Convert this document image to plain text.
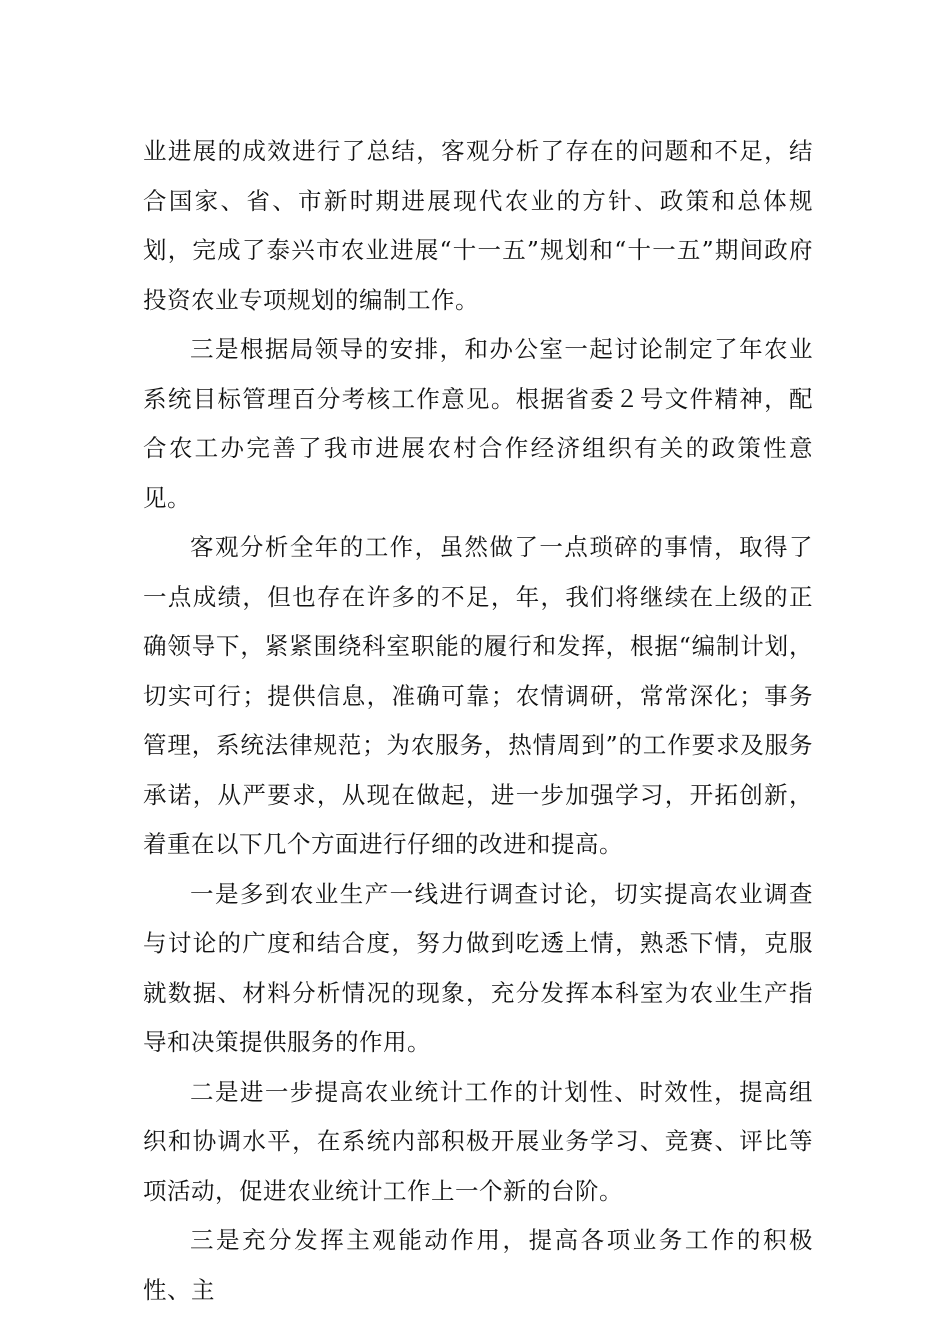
业进展的成效进行了总结，客观分析了存在的问题和不足，结合国家、省、市新时期进展现代农业的方针、政策和总体规划，完成了泰兴市农业进展“十一五”规划和“十一五”期间政府投资农业专项规划的编制工作。

三是根据局领导的安排，和办公室一起讨论制定了年农业系统目标管理百分考核工作意见。根据省委２号文件精神，配合农工办完善了我市进展农村合作经济组织有关的政策性意见。

客观分析全年的工作，虽然做了一点琐碎的事情，取得了一点成绩，但也存在许多的不足，年，我们将继续在上级的正确领导下，紧紧围绕科室职能的履行和发挥，根据“编制计划，切实可行；提供信息，准确可靠；农情调研，常常深化；事务管理，系统法律规范；为农服务，热情周到”的工作要求及服务承诺，从严要求，从现在做起，进一步加强学习，开拓创新，着重在以下几个方面进行仔细的改进和提高。

一是多到农业生产一线进行调查讨论，切实提高农业调查与讨论的广度和结合度，努力做到吃透上情，熟悉下情，克服就数据、材料分析情况的现象，充分发挥本科室为农业生产指导和决策提供服务的作用。

二是进一步提高农业统计工作的计划性、时效性，提高组织和协调水平，在系统内部积极开展业务学习、竞赛、评比等项活动，促进农业统计工作上一个新的台阶。

三是充分发挥主观能动作用，提高各项业务工作的积极性、主
